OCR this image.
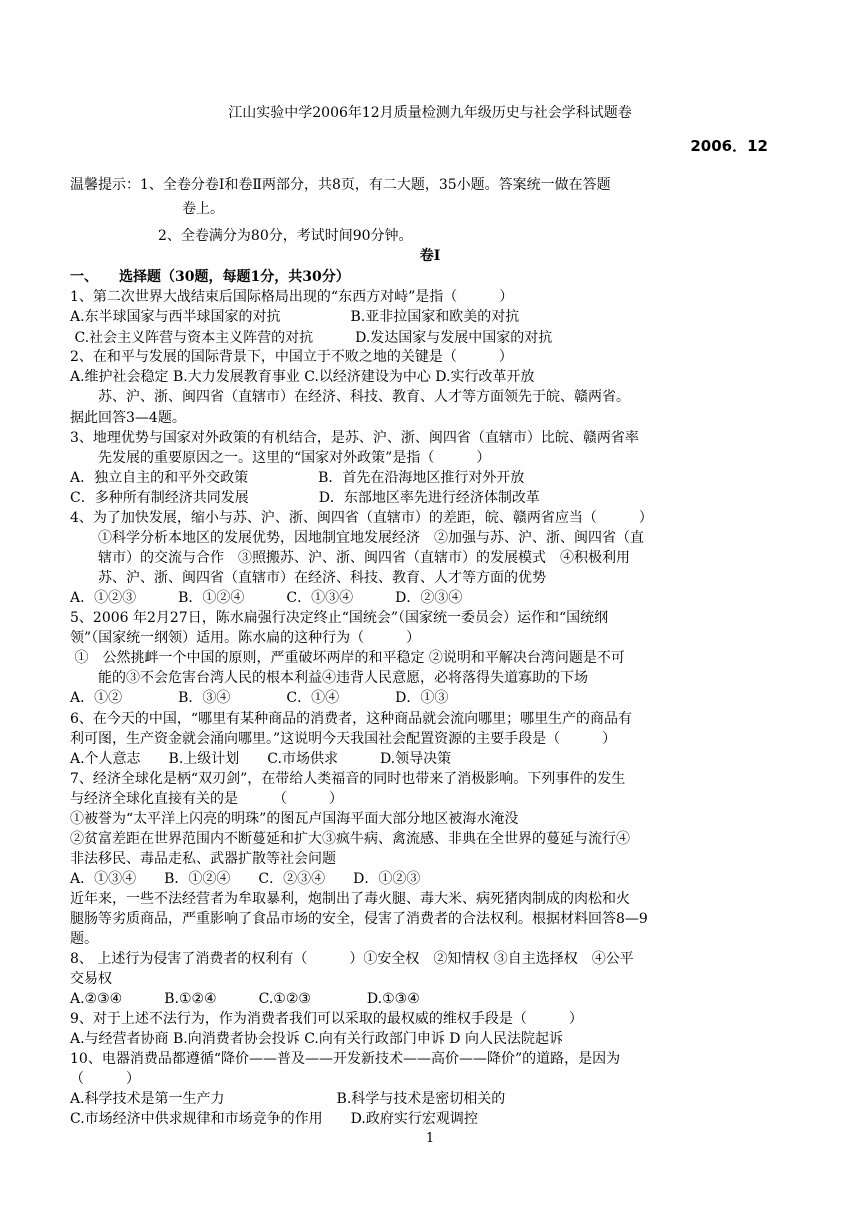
江山实验中学2006年12月质量检测九年级历史与社会学科试题卷
2006．12
温馨提示：1、全卷分卷Ⅰ和卷Ⅱ两部分，共8页，有二大题，35小题。答案统一做在答题
卷上。
2、全卷满分为80分，考试时间90分钟。
卷Ⅰ
一、　　选择题（30题，每题1分，共30分）
1、第二次世界大战结束后国际格局出现的“东西方对峙”是指（　　　）
A.东半球国家与西半球国家的对抗　　　　　B.亚非拉国家和欧美的对抗
C.社会主义阵营与资本主义阵营的对抗　　　D.发达国家与发展中国家的对抗
2、在和平与发展的国际背景下，中国立于不败之地的关键是（　　　）
A.维护社会稳定 B.大力发展教育事业 C.以经济建设为中心 D.实行改革开放
　　苏、沪、浙、闽四省（直辖市）在经济、科技、教育、人才等方面领先于皖、赣两省。
据此回答3—4题。
3、地理优势与国家对外政策的有机结合，是苏、沪、浙、闽四省（直辖市）比皖、赣两省率
　　先发展的重要原因之一。这里的“国家对外政策”是指（　　　）
A．独立自主的和平外交政策　　　　　B．首先在沿海地区推行对外开放
C．多种所有制经济共同发展　　　　　D．东部地区率先进行经济体制改革
4、为了加快发展，缩小与苏、沪、浙、闽四省（直辖市）的差距，皖、赣两省应当（　　　）
　　①科学分析本地区的发展优势，因地制宜地发展经济　②加强与苏、沪、浙、闽四省（直
　　辖市）的交流与合作　③照搬苏、沪、浙、闽四省（直辖市）的发展模式　④积极利用
　　苏、沪、浙、闽四省（直辖市）在经济、科技、教育、人才等方面的优势
A．①②③　　　B．①②④　　　C．①③④　　　D．②③④
5、2006 年2月27日，陈水扁强行决定终止“国统会”（国家统一委员会）运作和“国统纲
领”（国家统一纲领）适用。陈水扁的这种行为（　　　）
①　公然挑衅一个中国的原则，严重破坏两岸的和平稳定 ②说明和平解决台湾问题是不可
　　能的③不会危害台湾人民的根本利益④违背人民意愿，必将落得失道寡助的下场
A．①②　　　　B．③④　　　　C．①④　　　　D．①③
6、在今天的中国，“哪里有某种商品的消费者，这种商品就会流向哪里；哪里生产的商品有
利可图，生产资金就会涌向哪里。”这说明今天我国社会配置资源的主要手段是（　　　）
A.个人意志　　B.上级计划　　C.市场供求　　　D.领导决策
7、经济全球化是柄“双刃剑”，在带给人类福音的同时也带来了消极影响。下列事件的发生
与经济全球化直接有关的是　　　（　　　）
①被誉为“太平洋上闪亮的明珠”的图瓦卢国海平面大部分地区被海水淹没
②贫富差距在世界范围内不断蔓延和扩大③疯牛病、禽流感、非典在全世界的蔓延与流行④
非法移民、毒品走私、武器扩散等社会问题
A．①③④　　B．①②④　　C．②③④　　D．①②③
近年来，一些不法经营者为牟取暴利，炮制出了毒火腿、毒大米、病死猪肉制成的肉松和火
腿肠等劣质商品，严重影响了食品市场的安全，侵害了消费者的合法权利。根据材料回答8—9
题。
8、 上述行为侵害了消费者的权利有（　　　）①安全权　②知情权 ③自主选择权　④公平
交易权
A.②③④　　　B.①②④　　　C.①②③　　　　D.①③④
9、对于上述不法行为，作为消费者我们可以采取的最权威的维权手段是（　　　）
A.与经营者协商 B.向消费者协会投诉 C.向有关行政部门申诉 D 向人民法院起诉
10、电器消费品都遵循“降价——普及——开发新技术——高价——降价”的道路，是因为
（　　　）
A.科学技术是第一生产力　　　　　　　　B.科学与技术是密切相关的
C.市场经济中供求规律和市场竞争的作用　　D.政府实行宏观调控
1
